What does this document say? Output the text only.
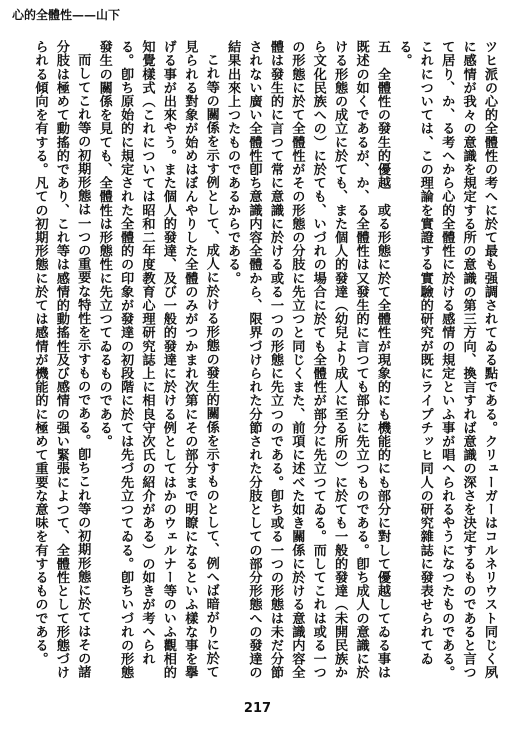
心的全體性——山下

ツヒ派の心的全體性の考へに於て最も强調されてゐる點である。クリューガーはコルネリウスト同じく夙に感情が我々の意識を規定する所の意識の第三方向、換言すれば意識の深さを決定するものであると言つて居り、か、る考へから心的全體性に於ける感情の規定といふ事が唱へられるやうになつたものである。これについては、この理論を實證する實驗的研究が既にライプチッヒ同人の研究雜誌に發表せられてゐる。

五　全體性の發生的優越　或る形態に於て全體性が現象的にも機能的にも部分に對して優越してゐる事は既述の如くであるが、か、る全體性は又發生的に言つても部分に先立つものである。卽ち成人の意識に於ける形態の成立に於ても、また個人的發達（幼兒より成人に至る所の）に於ても一般的發達（未開民族から文化民族への）に於ても、いづれの場合に於ても全體性が部分に先立つてゐる。而してこれは或る一つの形態に於て全體性がその形態の分肢に先立つと同じくまた、前項に述べた如き關係に於ける意識内容全體は發生的に言つて常に意識に於ける或る一つの形態に先立つのである。卽ち或る一つの形態は未だ分節されない廣い全體性卽ち意識内容全體から、限界づけられた分節された分肢としての部分形態への發達の結果出來上つたものであるからである。

これ等の關係を示す例として、成人に於ける形態の發生的關係を示すものとして、例へば暗がりに於て見られる對象が始めはぼんやりした全體のみがつかまれ次第にその部分まで明瞭になるといふ樣な事を擧げる事が出來やう。また個人的發達、及び一般的發達に於ける例としてはかのウェルナー等のいふ觀相的知覺樣式（これについては昭和二年度教育心理研究誌上に相良守次氏の紹介がある）の如きが考へられる。卽ち原始的に規定された全體的の印象が發達の初段階に於ては先づ先立つてゐる。卽ちいづれの形態發生の關係を見ても、全體性は形態性に先立つてゐるものである。

而してこれ等の初期形態は一つの重要な特性を示すものである。卽ちこれ等の初期形態に於てはその諸分肢は極めて動搖的であり、これ等は感情的動搖性及び感情の强い緊張によつて、全體性として形態づけられる傾向を有する。凡ての初期形態に於ては感情が機能的に極めて重要な意味を有するものである。

217
